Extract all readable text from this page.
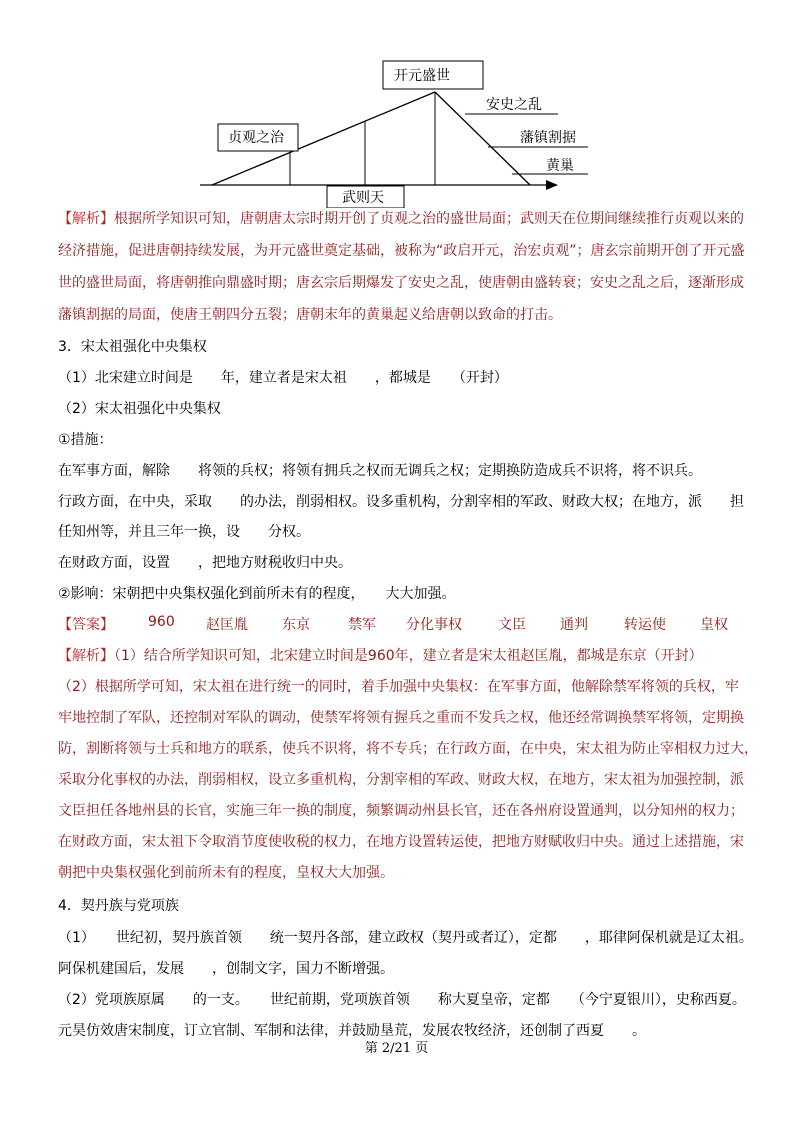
开元盛世
贞观之治
安史之乱
藩镇割据
黄巢
武则天
【解析】根据所学知识可知，唐朝唐太宗时期开创了贞观之治的盛世局面；武则天在位期间继续推行贞观以来的
经济措施，促进唐朝持续发展，为开元盛世奠定基础，被称为“政启开元，治宏贞观”；唐玄宗前期开创了开元盛
世的盛世局面，将唐朝推向鼎盛时期；唐玄宗后期爆发了安史之乱，使唐朝由盛转衰；安史之乱之后，逐渐形成
藩镇割据的局面，使唐王朝四分五裂；唐朝末年的黄巢起义给唐朝以致命的打击。
3．宋太祖强化中央集权
（1）北宋建立时间是　　年，建立者是宋太祖　　，都城是　　（开封）
（2）宋太祖强化中央集权
①措施：
在军事方面，解除　　将领的兵权；将领有拥兵之权而无调兵之权；定期换防造成兵不识将，将不识兵。
行政方面，在中央，采取　　的办法，削弱相权。设多重机构，分割宰相的军政、财政大权；在地方，派　　担
任知州等，并且三年一换，设　　分权。
在财政方面，设置　　，把地方财税收归中央。
②影响：宋朝把中央集权强化到前所未有的程度，　　大大加强。
【答案】 960 赵匡胤 东京	禁军 分化事权	文臣 通判	转运使 皇权
【解析】（1）结合所学知识可知，北宋建立时间是960年，建立者是宋太祖赵匡胤，都城是东京（开封）
（2）根据所学可知，宋太祖在进行统一的同时，着手加强中央集权：在军事方面，他解除禁军将领的兵权，牢
牢地控制了军队，还控制对军队的调动，使禁军将领有握兵之重而不发兵之权，他还经常调换禁军将领，定期换
防，割断将领与士兵和地方的联系，使兵不识将，将不专兵；在行政方面，在中央，宋太祖为防止宰相权力过大，
采取分化事权的办法，削弱相权，设立多重机构，分割宰相的军政、财政大权，在地方，宋太祖为加强控制，派
文臣担任各地州县的长官，实施三年一换的制度，频繁调动州县长官，还在各州府设置通判，以分知州的权力；
在财政方面，宋太祖下令取消节度使收税的权力，在地方设置转运使，把地方财赋收归中央。通过上述措施，宋
朝把中央集权强化到前所未有的程度，皇权大大加强。
4．契丹族与党项族
（1）　　世纪初，契丹族首领　　统一契丹各部，建立政权（契丹或者辽），定都　　，耶律阿保机就是辽太祖。
阿保机建国后，发展　　，创制文字，国力不断增强。
（2）党项族原属　　的一支。　　世纪前期，党项族首领　　称大夏皇帝，定都　　（今宁夏银川），史称西夏。
元昊仿效唐宋制度，订立官制、军制和法律，并鼓励垦荒，发展农牧经济，还创制了西夏　　。
第 2/21 页
